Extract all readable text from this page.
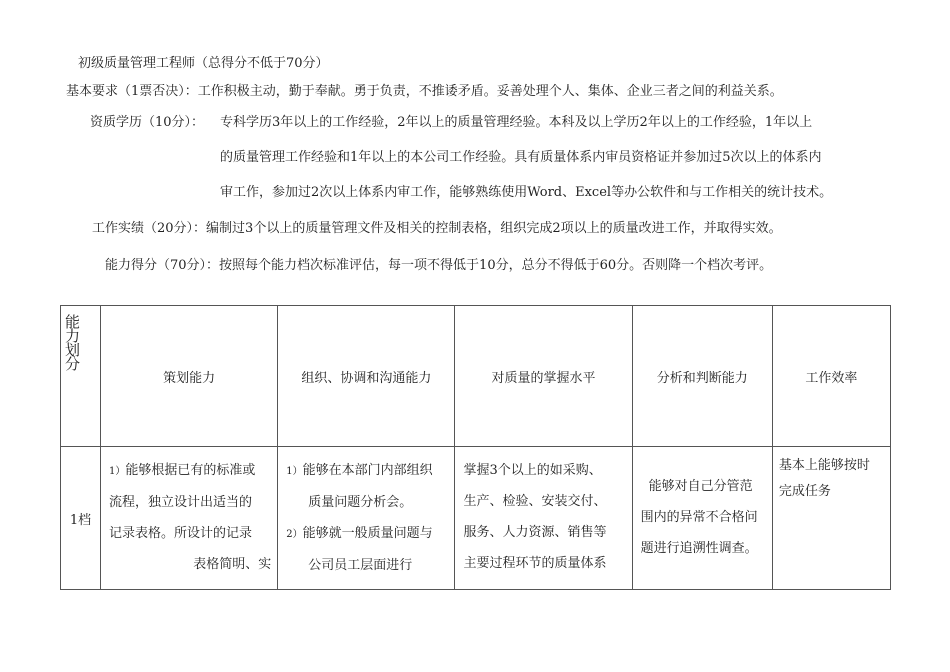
初级质量管理工程师（总得分不低于70分）
基本要求（1票否决）：工作积极主动，勤于奉献。勇于负责，不推诿矛盾。妥善处理个人、集体、企业三者之间的利益关系。
资质学历（10分）： 专科学历3年以上的工作经验，2年以上的质量管理经验。本科及以上学历2年以上的工作经验，1年以上
的质量管理工作经验和1年以上的本公司工作经验。具有质量体系内审员资格证并参加过5次以上的体系内
审工作，参加过2次以上体系内审工作，能够熟练使用Word、Excel等办公软件和与工作相关的统计技术。
工作实绩（20分）：编制过3个以上的质量管理文件及相关的控制表格，组织完成2项以上的质量改进工作，并取得实效。
能力得分（70分）：按照每个能力档次标准评估，每一项不得低于10分，总分不得低于60分。否则降一个档次考评。
能力划分	策划能力	组织、协调和沟通能力	对质量的掌握水平	分析和判断能力	工作效率

1档	1）能够根据已有的标准或
流程，独立设计出适当的
记录表格。所设计的记录
表格简明、实	1）能够在本部门内部组织
质量问题分析会。
2）能够就一般质量问题与
公司员工层面进行	掌握3个以上的如采购、
生产、检验、安装交付、
服务、人力资源、销售等
主要过程环节的质量体系	能够对自己分管范
围内的异常不合格问
题进行追溯性调查。	基本上能够按时
完成任务
